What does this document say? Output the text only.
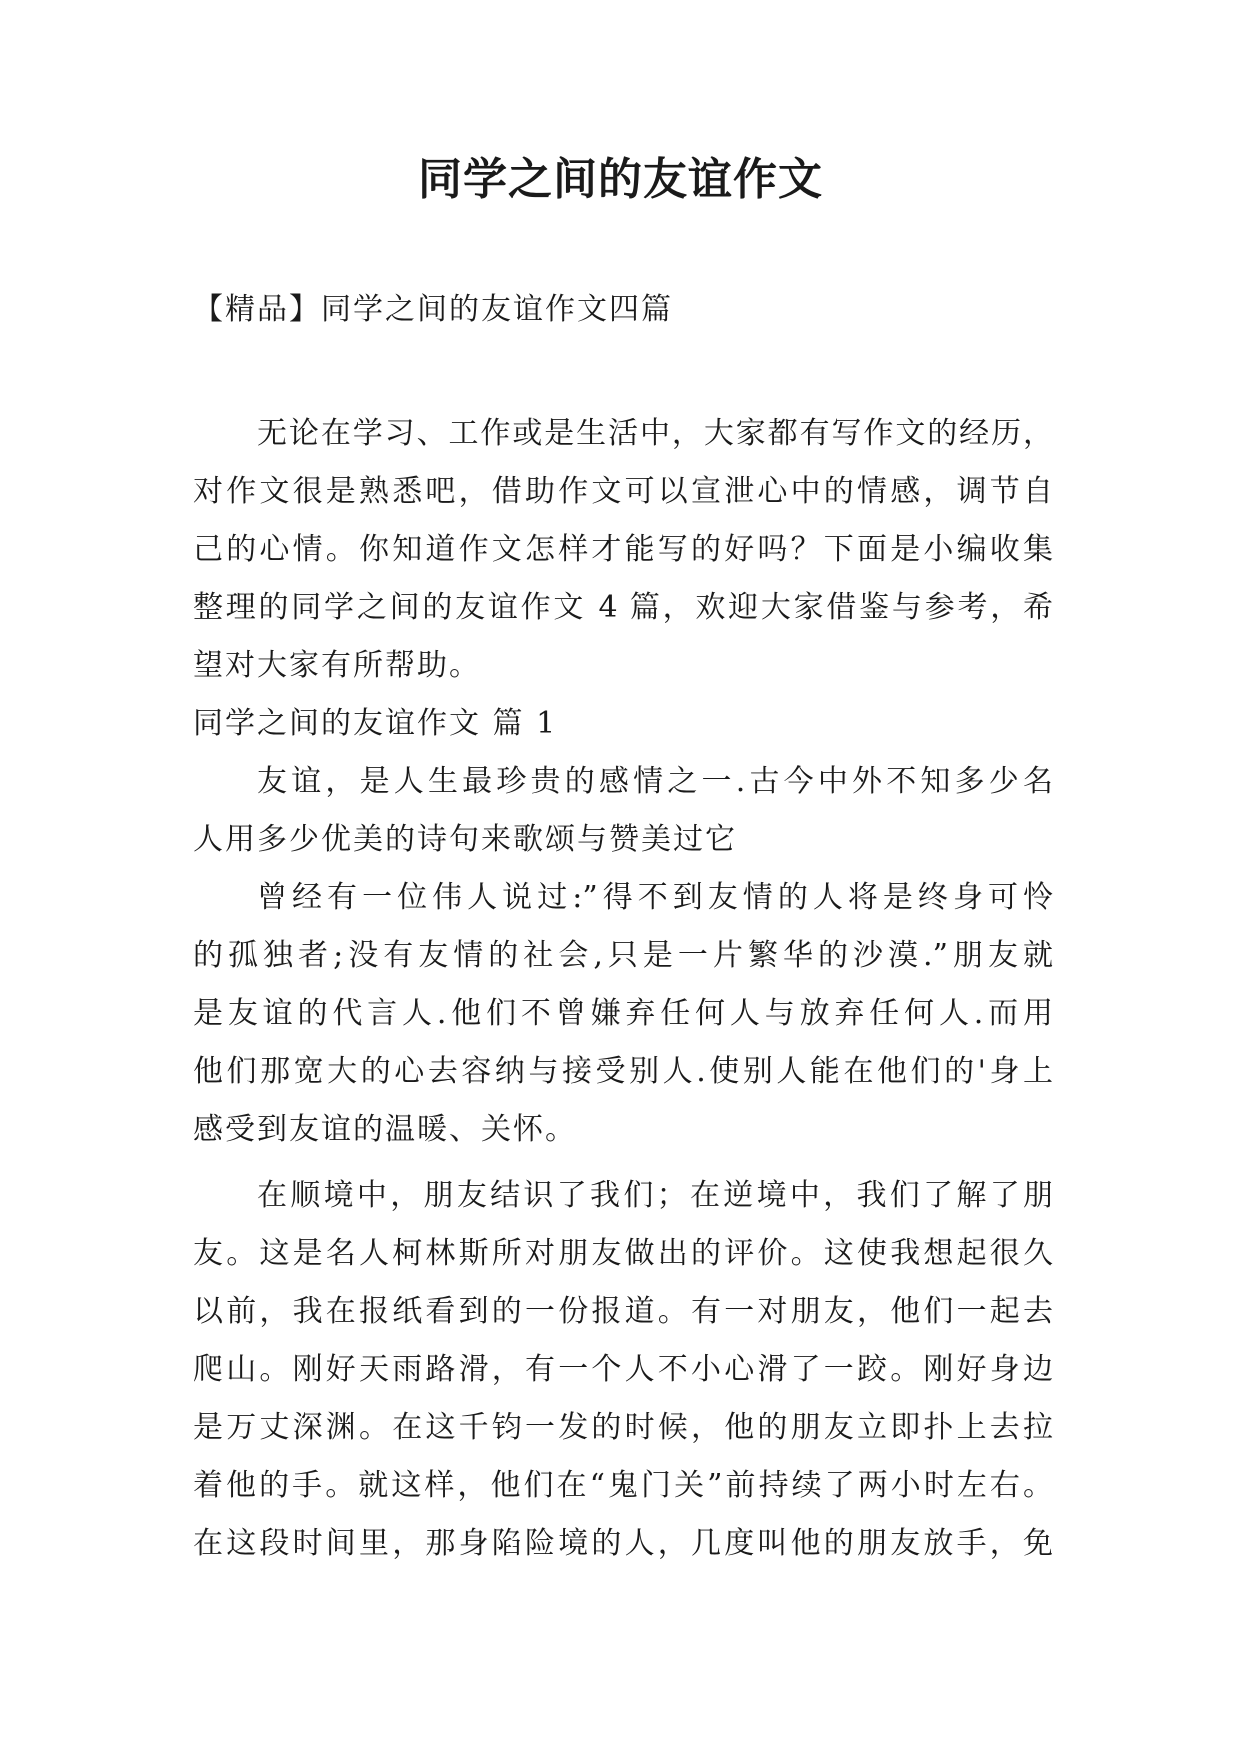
同学之间的友谊作文
【精品】同学之间的友谊作文四篇
无论在学习、工作或是生活中，大家都有写作文的经历，
对作文很是熟悉吧，借助作文可以宣泄心中的情感，调节自
己的心情。你知道作文怎样才能写的好吗？下面是小编收集
整理的同学之间的友谊作文 4 篇，欢迎大家借鉴与参考，希
望对大家有所帮助。
同学之间的友谊作文 篇 1
友谊，是人生最珍贵的感情之一.古今中外不知多少名
人用多少优美的诗句来歌颂与赞美过它
曾经有一位伟人说过:”得不到友情的人将是终身可怜
的孤独者;没有友情的社会,只是一片繁华的沙漠.”朋友就
是友谊的代言人.他们不曾嫌弃任何人与放弃任何人.而用
他们那宽大的心去容纳与接受别人.使别人能在他们的'身上
感受到友谊的温暖、关怀。
在顺境中，朋友结识了我们；在逆境中，我们了解了朋
友。这是名人柯林斯所对朋友做出的评价。这使我想起很久
以前，我在报纸看到的一份报道。有一对朋友，他们一起去
爬山。刚好天雨路滑，有一个人不小心滑了一跤。刚好身边
是万丈深渊。在这千钧一发的时候，他的朋友立即扑上去拉
着他的手。就这样，他们在“鬼门关”前持续了两小时左右。
在这段时间里，那身陷险境的人，几度叫他的朋友放手，免
